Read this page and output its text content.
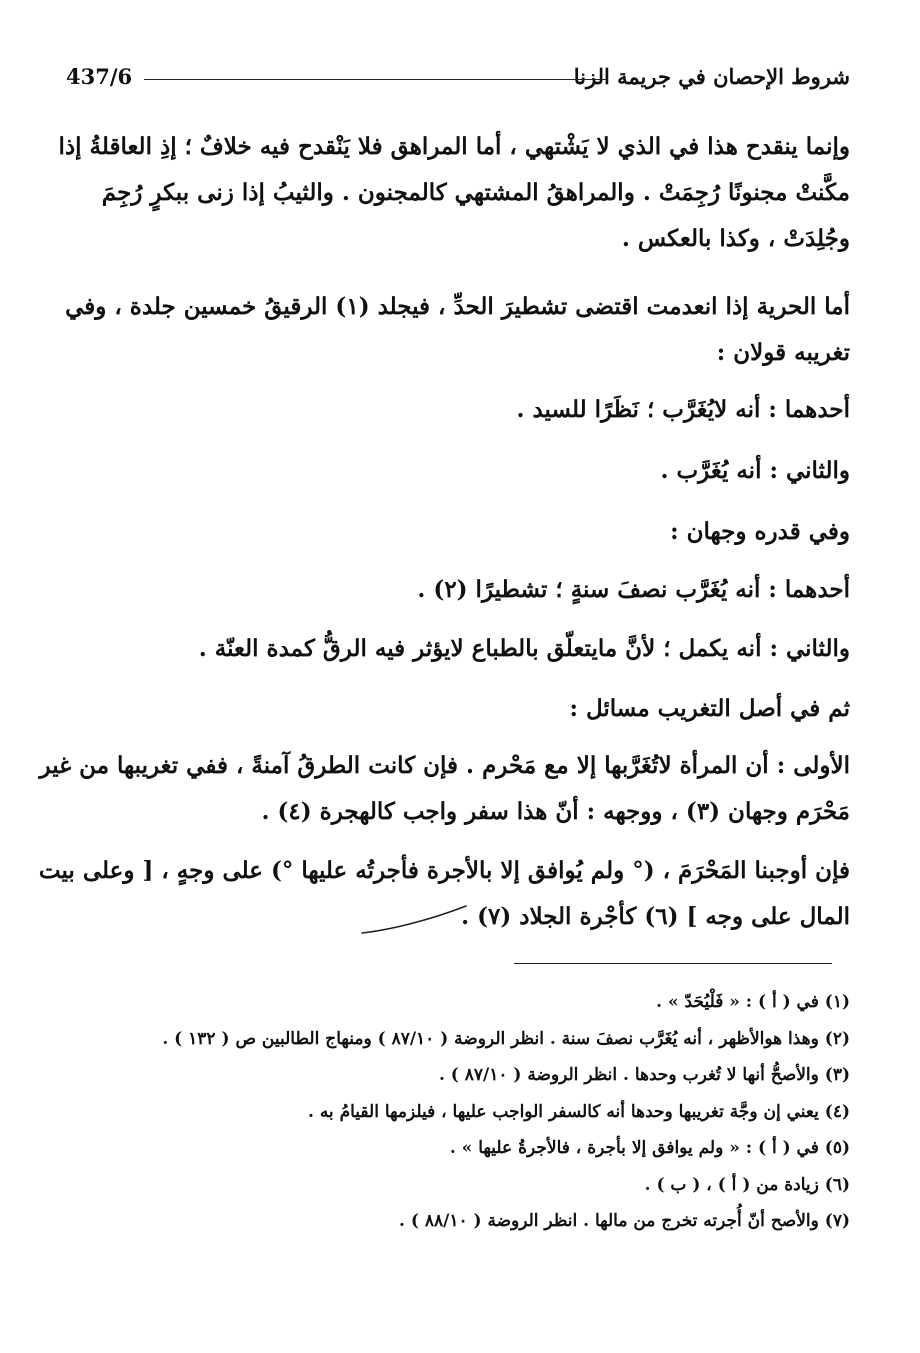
شروط الإحصان في جريمة الزنا
437/6
وإنما ينقدح هذا في الذي لا يَشْتهي ، أما المراهق فلا يَنْقدح فيه خلافٌ ؛ إذِ العاقلةُ إذا
مكَّنتْ مجنونًا رُجِمَتْ . والمراهقُ المشتهي كالمجنون . والثيبُ إذا زنى ببكرٍ رُجِمَ
وجُلِدَتْ ، وكذا بالعكس .
أما الحرية إذا انعدمت اقتضى تشطيرَ الحدِّ ، فيجلد (١) الرقيقُ خمسين جلدة ، وفي
تغريبه قولان :
أحدهما : أنه لايُغَرَّب ؛ نَظَرًا للسيد .
والثاني : أنه يُغَرَّب .
وفي قدره وجهان :
أحدهما : أنه يُغَرَّب نصفَ سنةٍ ؛ تشطيرًا (٢) .
والثاني : أنه يكمل ؛ لأنَّ مايتعلّق بالطباع لايؤثر فيه الرقُّ كمدة العنّة .
ثم في أصل التغريب مسائل :
الأولى : أن المرأة لاتُغَرَّبها إلا مع مَحْرم . فإن كانت الطرقُ آمنةً ، ففي تغريبها من غير
مَحْرَم وجهان (٣) ، ووجهه : أنّ هذا سفر واجب كالهجرة (٤) .
فإن أوجبنا المَحْرَمَ ، (° ولم يُوافق إلا بالأجرة فأجرتُه عليها °) على وجهٍ ، [ وعلى بيت
المال على وجه ] (٦) كأجْرة الجلاد (٧) .
(١) في ( أ ) : « فَلْيُحَدّ » .
(٢) وهذا هوالأظهر ، أنه يُغَرَّب نصفَ سنة . انظر الروضة ( ٨٧/١٠ ) ومنهاج الطالبين ص ( ١٣٢ ) .
(٣) والأصحُّ أنها لا تُغرب وحدها . انظر الروضة ( ٨٧/١٠ ) .
(٤) يعني إن وجَّة تغريبها وحدها أنه كالسفر الواجب عليها ، فيلزمها القيامُ به .
(٥) في ( أ ) : « ولم يوافق إلا بأجرة ، فالأجرةُ عليها » .
(٦) زيادة من ( أ ) ، ( ب ) .
(٧) والأصح أنّ أُجرته تخرج من مالها . انظر الروضة ( ٨٨/١٠ ) .
